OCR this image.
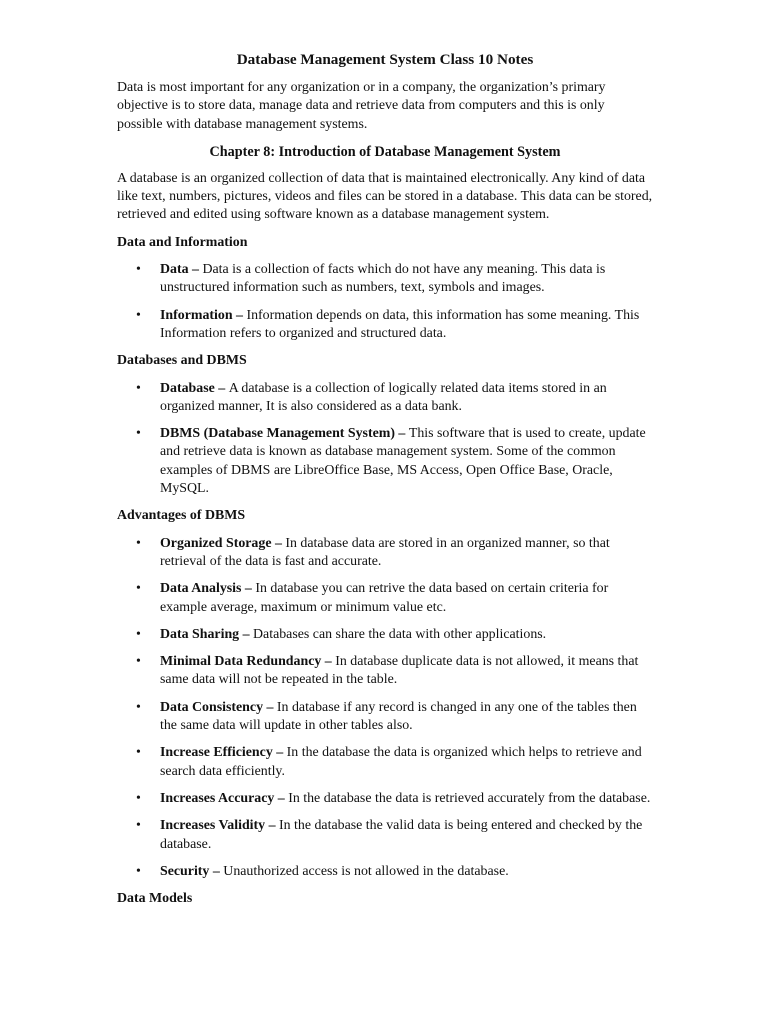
Database Management System Class 10 Notes
Data is most important for any organization or in a company, the organization’s primary objective is to store data, manage data and retrieve data from computers and this is only possible with database management systems.
Chapter 8: Introduction of Database Management System
A database is an organized collection of data that is maintained electronically. Any kind of data like text, numbers, pictures, videos and files can be stored in a database. This data can be stored, retrieved and edited using software known as a database management system.
Data and Information
• Data – Data is a collection of facts which do not have any meaning. This data is unstructured information such as numbers, text, symbols and images.
• Information – Information depends on data, this information has some meaning. This Information refers to organized and structured data.
Databases and DBMS
• Database – A database is a collection of logically related data items stored in an organized manner, It is also considered as a data bank.
• DBMS (Database Management System) – This software that is used to create, update and retrieve data is known as database management system. Some of the common examples of DBMS are LibreOffice Base, MS Access, Open Office Base, Oracle, MySQL.
Advantages of DBMS
• Organized Storage – In database data are stored in an organized manner, so that retrieval of the data is fast and accurate.
• Data Analysis – In database you can retrive the data based on certain criteria for example average, maximum or minimum value etc.
• Data Sharing – Databases can share the data with other applications.
• Minimal Data Redundancy – In database duplicate data is not allowed, it means that same data will not be repeated in the table.
• Data Consistency – In database if any record is changed in any one of the tables then the same data will update in other tables also.
• Increase Efficiency – In the database the data is organized which helps to retrieve and search data efficiently.
• Increases Accuracy – In the database the data is retrieved accurately from the database.
• Increases Validity – In the database the valid data is being entered and checked by the database.
• Security – Unauthorized access is not allowed in the database.
Data Models
